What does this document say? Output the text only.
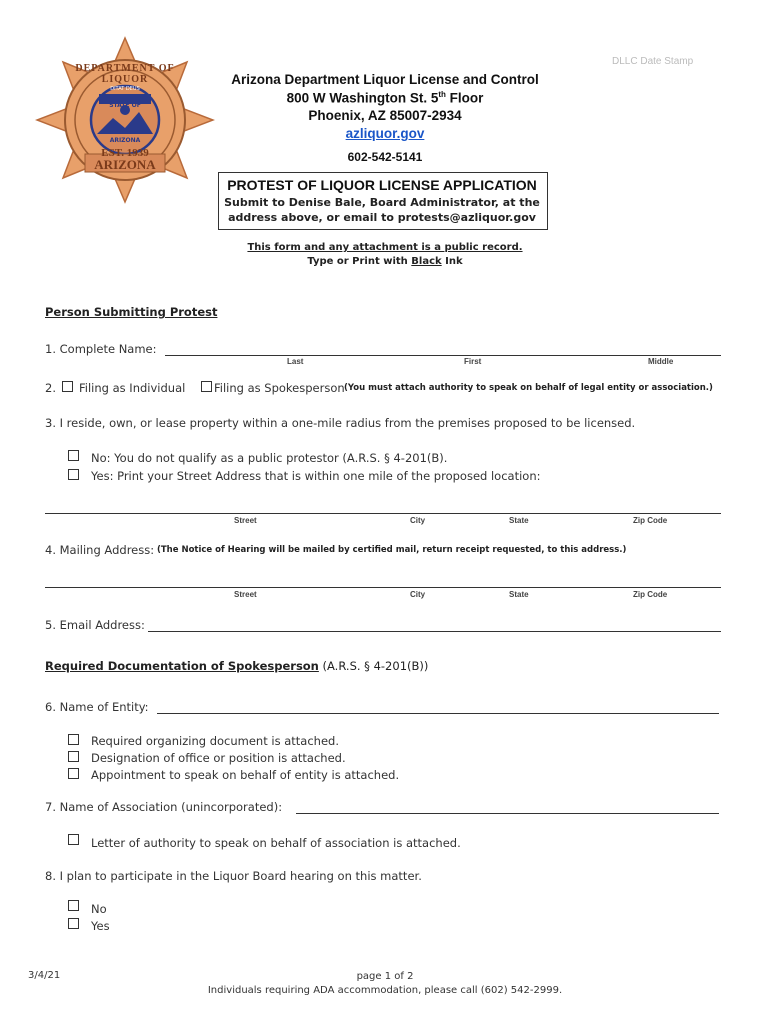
DLLC Date Stamp
DEPARTMENT OF LIQUOR
DITAT DEUS
STATE OF
ARIZONA
EST. 1939
ARIZONA
Arizona Department Liquor License and Control
800 W Washington St. 5th Floor
Phoenix, AZ 85007-2934
azliquor.gov
602-542-5141
PROTEST OF LIQUOR LICENSE APPLICATION
Submit to Denise Bale, Board Administrator, at the
address above, or email to protests@azliquor.gov
This form and any attachment is a public record.
Type or Print with Black Ink
Person Submitting Protest
1. Complete Name:
Last	First	Middle
2. Filing as Individual Filing as Spokesperson (You must attach authority to speak on behalf of legal entity or association.)
3. I reside, own, or lease property within a one-mile radius from the premises proposed to be licensed.
No: You do not qualify as a public protestor (A.R.S. § 4-201(B).
Yes: Print your Street Address that is within one mile of the proposed location:
Street	City	State	Zip Code
4. Mailing Address: (The Notice of Hearing will be mailed by certified mail, return receipt requested, to this address.)
Street	City	State	Zip Code
5. Email Address:
Required Documentation of Spokesperson (A.R.S. § 4-201(B))
6. Name of Entity:
Required organizing document is attached.
Designation of office or position is attached.
Appointment to speak on behalf of entity is attached.
7. Name of Association (unincorporated):
Letter of authority to speak on behalf of association is attached.
8. I plan to participate in the Liquor Board hearing on this matter.
No
Yes
3/4/21	page 1 of 2
Individuals requiring ADA accommodation, please call (602) 542-2999.
